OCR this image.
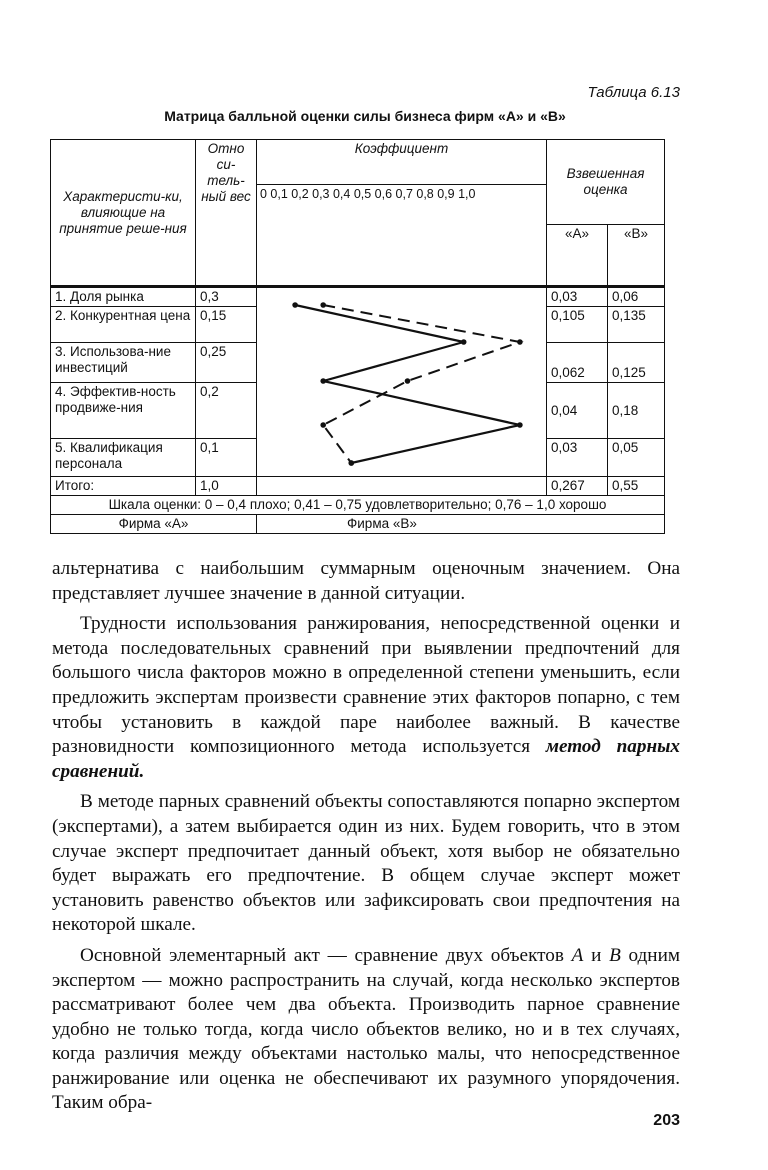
Таблица 6.13
Матрица балльной оценки силы бизнеса фирм «А» и «В»
Характеристи-ки, влияющие на принятие реше-ния	Отно си- тель- ный вес	Коэффициент	Взвешенная оценка	
		0 0,1 0,2 0,3 0,4 0,5 0,6 0,7 0,8 0,9 1,0		
			«А»	«В»
1. Доля рынка	0,3		0,03	0,06
2. Конкурентная цена	0,15		0,105	0,135
3. Использова-ние инвестиций	0,25		0,062	0,125
4. Эффектив-ность продвиже-ния	0,2		0,04	0,18
5. Квалификация персонала	0,1		0,03	0,05
Итого:	1,0		0,267	0,55
Шкала оценки: 0 – 0,4 плохо; 0,41 – 0,75 удовлетворительно; 0,76 – 1,0 хорошо				
Фирма «А»		Фирма «В»		

альтернатива с наибольшим суммарным оценочным значением. Она представляет лучшее значение в данной ситуации.

Трудности использования ранжирования, непосредственной оценки и метода последовательных сравнений при выявлении предпочтений для большого числа факторов можно в определенной степени уменьшить, если предложить экспертам произвести сравнение этих факторов попарно, с тем чтобы установить в каждой паре наиболее важный. В качестве разновидности композиционного метода используется метод парных сравнений.

В методе парных сравнений объекты сопоставляются попарно экспертом (экспертами), а затем выбирается один из них. Будем говорить, что в этом случае эксперт предпочитает данный объект, хотя выбор не обязательно будет выражать его предпочтение. В общем случае эксперт может установить равенство объектов или зафиксировать свои предпочтения на некоторой шкале.

Основной элементарный акт — сравнение двух объектов А и В одним экспертом — можно распространить на случай, когда несколько экспертов рассматривают более чем два объекта. Производить парное сравнение удобно не только тогда, когда число объектов велико, но и в тех случаях, когда различия между объектами настолько малы, что непосредственное ранжирование или оценка не обеспечивают их разумного упорядочения. Таким обра-

203
